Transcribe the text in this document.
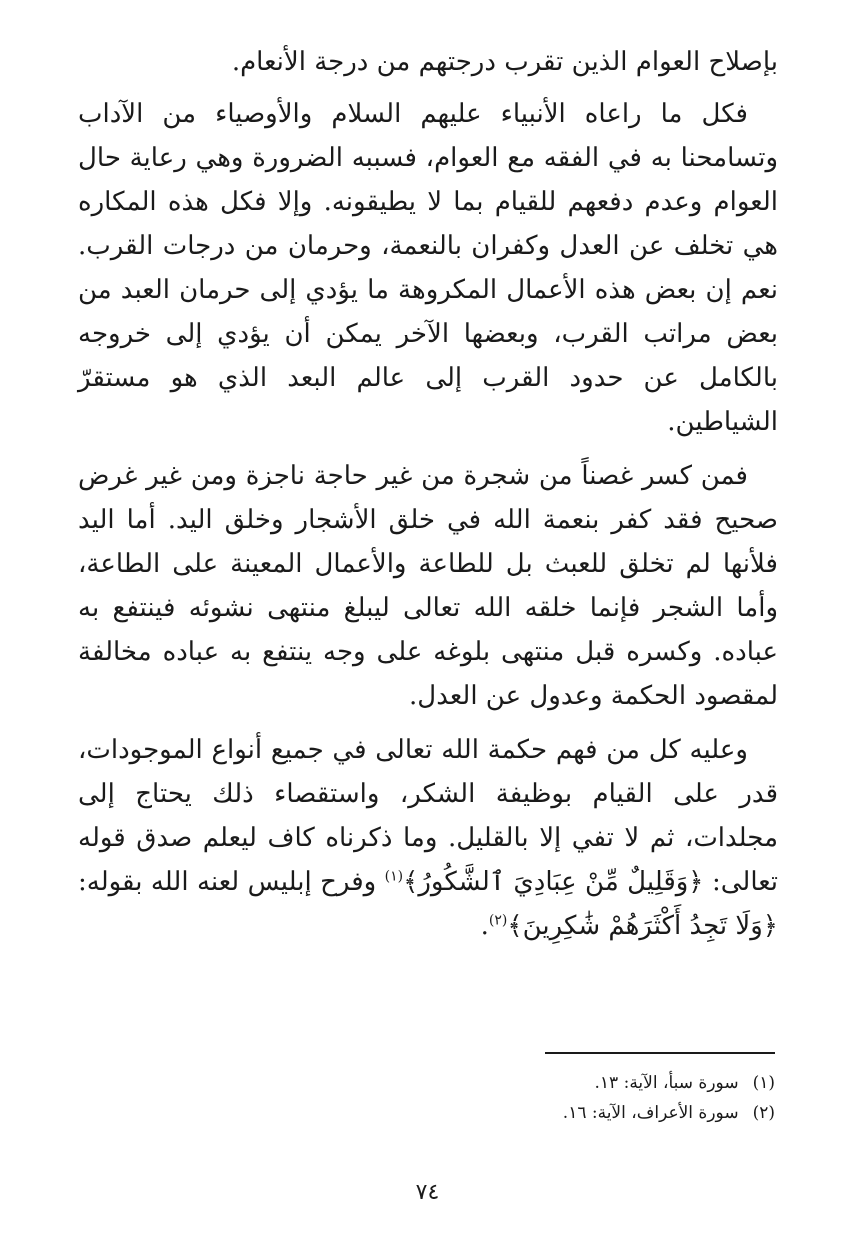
بإصلاح العوام الذين تقرب درجتهم من درجة الأنعام.

فكل ما راعاه الأنبياء عليهم السلام والأوصياء من الآداب وتسامحنا به في الفقه مع العوام، فسببه الضرورة وهي رعاية حال العوام وعدم دفعهم للقيام بما لا يطيقونه. وإلا فكل هذه المكاره هي تخلف عن العدل وكفران بالنعمة، وحرمان من درجات القرب. نعم إن بعض هذه الأعمال المكروهة ما يؤدي إلى حرمان العبد من بعض مراتب القرب، وبعضها الآخر يمكن أن يؤدي إلى خروجه بالكامل عن حدود القرب إلى عالم البعد الذي هو مستقرّ الشياطين.

فمن كسر غصناً من شجرة من غير حاجة ناجزة ومن غير غرض صحيح فقد كفر بنعمة الله في خلق الأشجار وخلق اليد. أما اليد فلأنها لم تخلق للعبث بل للطاعة والأعمال المعينة على الطاعة، وأما الشجر فإنما خلقه الله تعالى ليبلغ منتهى نشوئه فينتفع به عباده. وكسره قبل منتهى بلوغه على وجه ينتفع به عباده مخالفة لمقصود الحكمة وعدول عن العدل.

وعليه كل من فهم حكمة الله تعالى في جميع أنواع الموجودات، قدر على القيام بوظيفة الشكر، واستقصاء ذلك يحتاج إلى مجلدات، ثم لا تفي إلا بالقليل. وما ذكرناه كاف ليعلم صدق قوله تعالى: ﴿وَقَلِيلٌ مِّنْ عِبَادِيَ ٱلشَّكُورُ﴾$^{(١)}$ وفرح إبليس لعنه الله بقوله: ﴿وَلَا تَجِدُ أَكْثَرَهُمْ شَٰكِرِينَ﴾$^{(٢)}$.

(١)سورة سبأ، الآية: ١٣.

(٢)سورة الأعراف، الآية: ١٦.

٧٤
